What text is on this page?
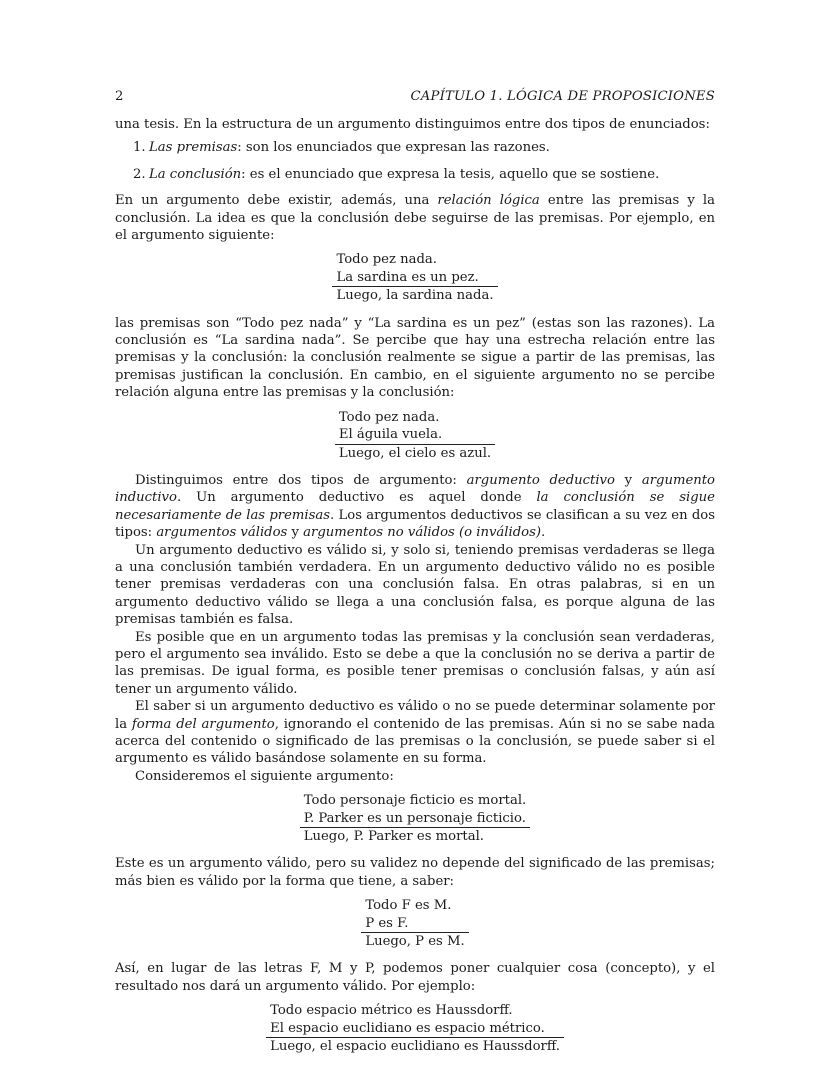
2	CAPÍTULO 1. LÓGICA DE PROPOSICIONES

una tesis. En la estructura de un argumento distinguimos entre dos tipos de enunciados:

1. Las premisas: son los enunciados que expresan las razones.
2. La conclusión: es el enunciado que expresa la tesis, aquello que se sostiene.

En un argumento debe existir, además, una relación lógica entre las premisas y la conclusión. La idea es que la conclusión debe seguirse de las premisas. Por ejemplo, en el argumento siguiente:

Todo pez nada.
La sardina es un pez.
Luego, la sardina nada.

las premisas son “Todo pez nada” y “La sardina es un pez” (estas son las razones). La conclusión es “La sardina nada”. Se percibe que hay una estrecha relación entre las premisas y la conclusión: la conclusión realmente se sigue a partir de las premisas, las premisas justifican la conclusión. En cambio, en el siguiente argumento no se percibe relación alguna entre las premisas y la conclusión:

Todo pez nada.
El águila vuela.
Luego, el cielo es azul.

Distinguimos entre dos tipos de argumento: argumento deductivo y argumento inductivo. Un argumento deductivo es aquel donde la conclusión se sigue necesariamente de las premisas. Los argumentos deductivos se clasifican a su vez en dos tipos: argumentos válidos y argumentos no válidos (o inválidos).

Un argumento deductivo es válido si, y solo si, teniendo premisas verdaderas se llega a una conclusión también verdadera. En un argumento deductivo válido no es posible tener premisas verdaderas con una conclusión falsa. En otras palabras, si en un argumento deductivo válido se llega a una conclusión falsa, es porque alguna de las premisas también es falsa.

Es posible que en un argumento todas las premisas y la conclusión sean verdaderas, pero el argumento sea inválido. Esto se debe a que la conclusión no se deriva a partir de las premisas. De igual forma, es posible tener premisas o conclusión falsas, y aún así tener un argumento válido.

El saber si un argumento deductivo es válido o no se puede determinar solamente por la forma del argumento, ignorando el contenido de las premisas. Aún si no se sabe nada acerca del contenido o significado de las premisas o la conclusión, se puede saber si el argumento es válido basándose solamente en su forma.

Consideremos el siguiente argumento:

Todo personaje ficticio es mortal.
P. Parker es un personaje ficticio.
Luego, P. Parker es mortal.

Este es un argumento válido, pero su validez no depende del significado de las premisas; más bien es válido por la forma que tiene, a saber:

Todo F es M.
P es F.
Luego, P es M.

Así, en lugar de las letras F, M y P, podemos poner cualquier cosa (concepto), y el resultado nos dará un argumento válido. Por ejemplo:

Todo espacio métrico es Haussdorff.
El espacio euclidiano es espacio métrico.
Luego, el espacio euclidiano es Haussdorff.
